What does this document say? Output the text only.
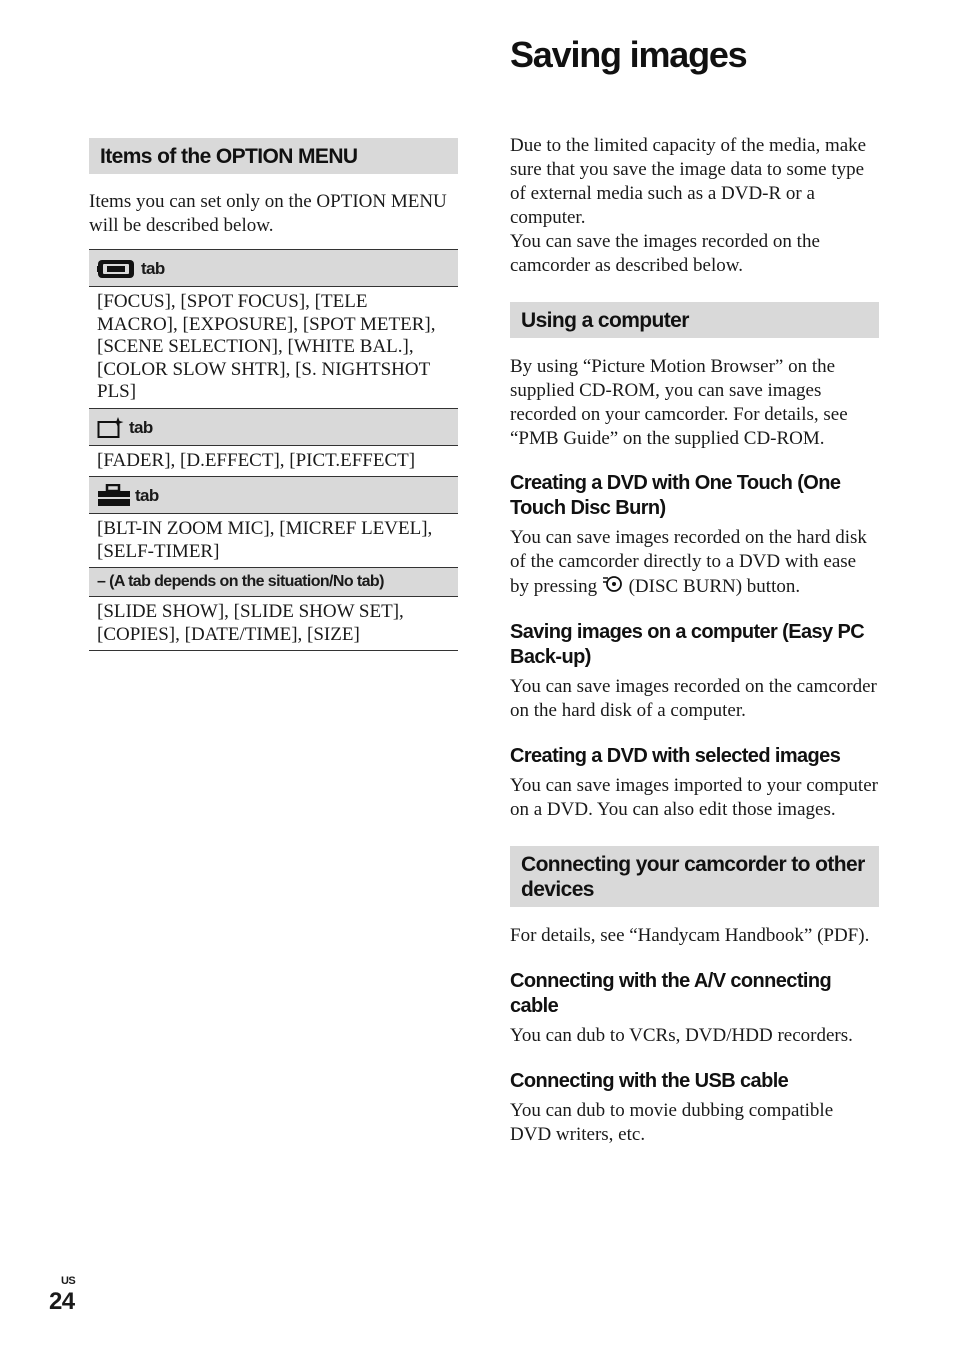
Saving images
Items of the OPTION MENU

Items you can set only on the OPTION MENU will be described below.

tab
[FOCUS], [SPOT FOCUS], [TELE MACRO], [EXPOSURE], [SPOT METER], [SCENE SELECTION], [WHITE BAL.], [COLOR SLOW SHTR], [S. NIGHTSHOT PLS]
tab
[FADER], [D.EFFECT], [PICT.EFFECT]
tab
[BLT-IN ZOOM MIC], [MICREF LEVEL], [SELF-TIMER]
– (A tab depends on the situation/No tab)
[SLIDE SHOW], [SLIDE SHOW SET], [COPIES], [DATE/TIME], [SIZE]

Due to the limited capacity of the media, make sure that you save the image data to some type of external media such as a DVD-R or a computer.

You can save the images recorded on the camcorder as described below.

Using a computer

By using “Picture Motion Browser” on the supplied CD-ROM, you can save images recorded on your camcorder. For details, see “PMB Guide” on the supplied CD-ROM.

Creating a DVD with One Touch (One Touch Disc Burn)

You can save images recorded on the hard disk of the camcorder directly to a DVD with ease by pressing (DISC BURN) button.

Saving images on a computer (Easy PC Back-up)

You can save images recorded on the camcorder on the hard disk of a computer.

Creating a DVD with selected images

You can save images imported to your computer on a DVD. You can also edit those images.

Connecting your camcorder to other devices

For details, see “Handycam Handbook” (PDF).

Connecting with the A/V connecting cable

You can dub to VCRs, DVD/HDD recorders.

Connecting with the USB cable

You can dub to movie dubbing compatible DVD writers, etc.

US
24
